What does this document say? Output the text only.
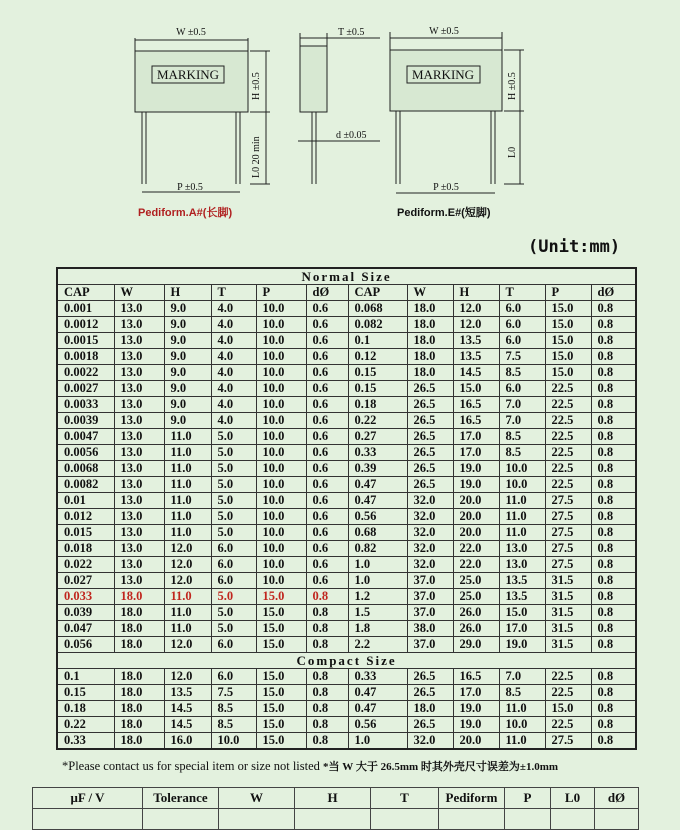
MARKING
W ±0.5
H ±0.5
L0 20 min
P ±0.5
T ±0.5
d ±0.05
MARKING
W ±0.5
H ±0.5
L0
P ±0.5
Pediform.A#(长脚)	Pediform.E#(短脚)
(Unit:mm)
Normal Size											
CAP	W	H	T	P	dØ	CAP	W	H	T	P	dØ
0.001	13.0	9.0	4.0	10.0	0.6	0.068	18.0	12.0	6.0	15.0	0.8
0.0012	13.0	9.0	4.0	10.0	0.6	0.082	18.0	12.0	6.0	15.0	0.8
0.0015	13.0	9.0	4.0	10.0	0.6	0.1	18.0	13.5	6.0	15.0	0.8
0.0018	13.0	9.0	4.0	10.0	0.6	0.12	18.0	13.5	7.5	15.0	0.8
0.0022	13.0	9.0	4.0	10.0	0.6	0.15	18.0	14.5	8.5	15.0	0.8
0.0027	13.0	9.0	4.0	10.0	0.6	0.15	26.5	15.0	6.0	22.5	0.8
0.0033	13.0	9.0	4.0	10.0	0.6	0.18	26.5	16.5	7.0	22.5	0.8
0.0039	13.0	9.0	4.0	10.0	0.6	0.22	26.5	16.5	7.0	22.5	0.8
0.0047	13.0	11.0	5.0	10.0	0.6	0.27	26.5	17.0	8.5	22.5	0.8
0.0056	13.0	11.0	5.0	10.0	0.6	0.33	26.5	17.0	8.5	22.5	0.8
0.0068	13.0	11.0	5.0	10.0	0.6	0.39	26.5	19.0	10.0	22.5	0.8
0.0082	13.0	11.0	5.0	10.0	0.6	0.47	26.5	19.0	10.0	22.5	0.8
0.01	13.0	11.0	5.0	10.0	0.6	0.47	32.0	20.0	11.0	27.5	0.8
0.012	13.0	11.0	5.0	10.0	0.6	0.56	32.0	20.0	11.0	27.5	0.8
0.015	13.0	11.0	5.0	10.0	0.6	0.68	32.0	20.0	11.0	27.5	0.8
0.018	13.0	12.0	6.0	10.0	0.6	0.82	32.0	22.0	13.0	27.5	0.8
0.022	13.0	12.0	6.0	10.0	0.6	1.0	32.0	22.0	13.0	27.5	0.8
0.027	13.0	12.0	6.0	10.0	0.6	1.0	37.0	25.0	13.5	31.5	0.8
0.033	18.0	11.0	5.0	15.0	0.8	1.2	37.0	25.0	13.5	31.5	0.8
0.039	18.0	11.0	5.0	15.0	0.8	1.5	37.0	26.0	15.0	31.5	0.8
0.047	18.0	11.0	5.0	15.0	0.8	1.8	38.0	26.0	17.0	31.5	0.8
0.056	18.0	12.0	6.0	15.0	0.8	2.2	37.0	29.0	19.0	31.5	0.8
Compact Size											
0.1	18.0	12.0	6.0	15.0	0.8	0.33	26.5	16.5	7.0	22.5	0.8
0.15	18.0	13.5	7.5	15.0	0.8	0.47	26.5	17.0	8.5	22.5	0.8
0.18	18.0	14.5	8.5	15.0	0.8	0.47	18.0	19.0	11.0	15.0	0.8
0.22	18.0	14.5	8.5	15.0	0.8	0.56	26.5	19.0	10.0	22.5	0.8
0.33	18.0	16.0	10.0	15.0	0.8	1.0	32.0	20.0	11.0	27.5	0.8
*Please contact us for special item or size not listed *当 W 大于 26.5mm 时其外壳尺寸误差为±1.0mm
μF / V	Tolerance	W	H	T	Pediform	P	L0	dØ
